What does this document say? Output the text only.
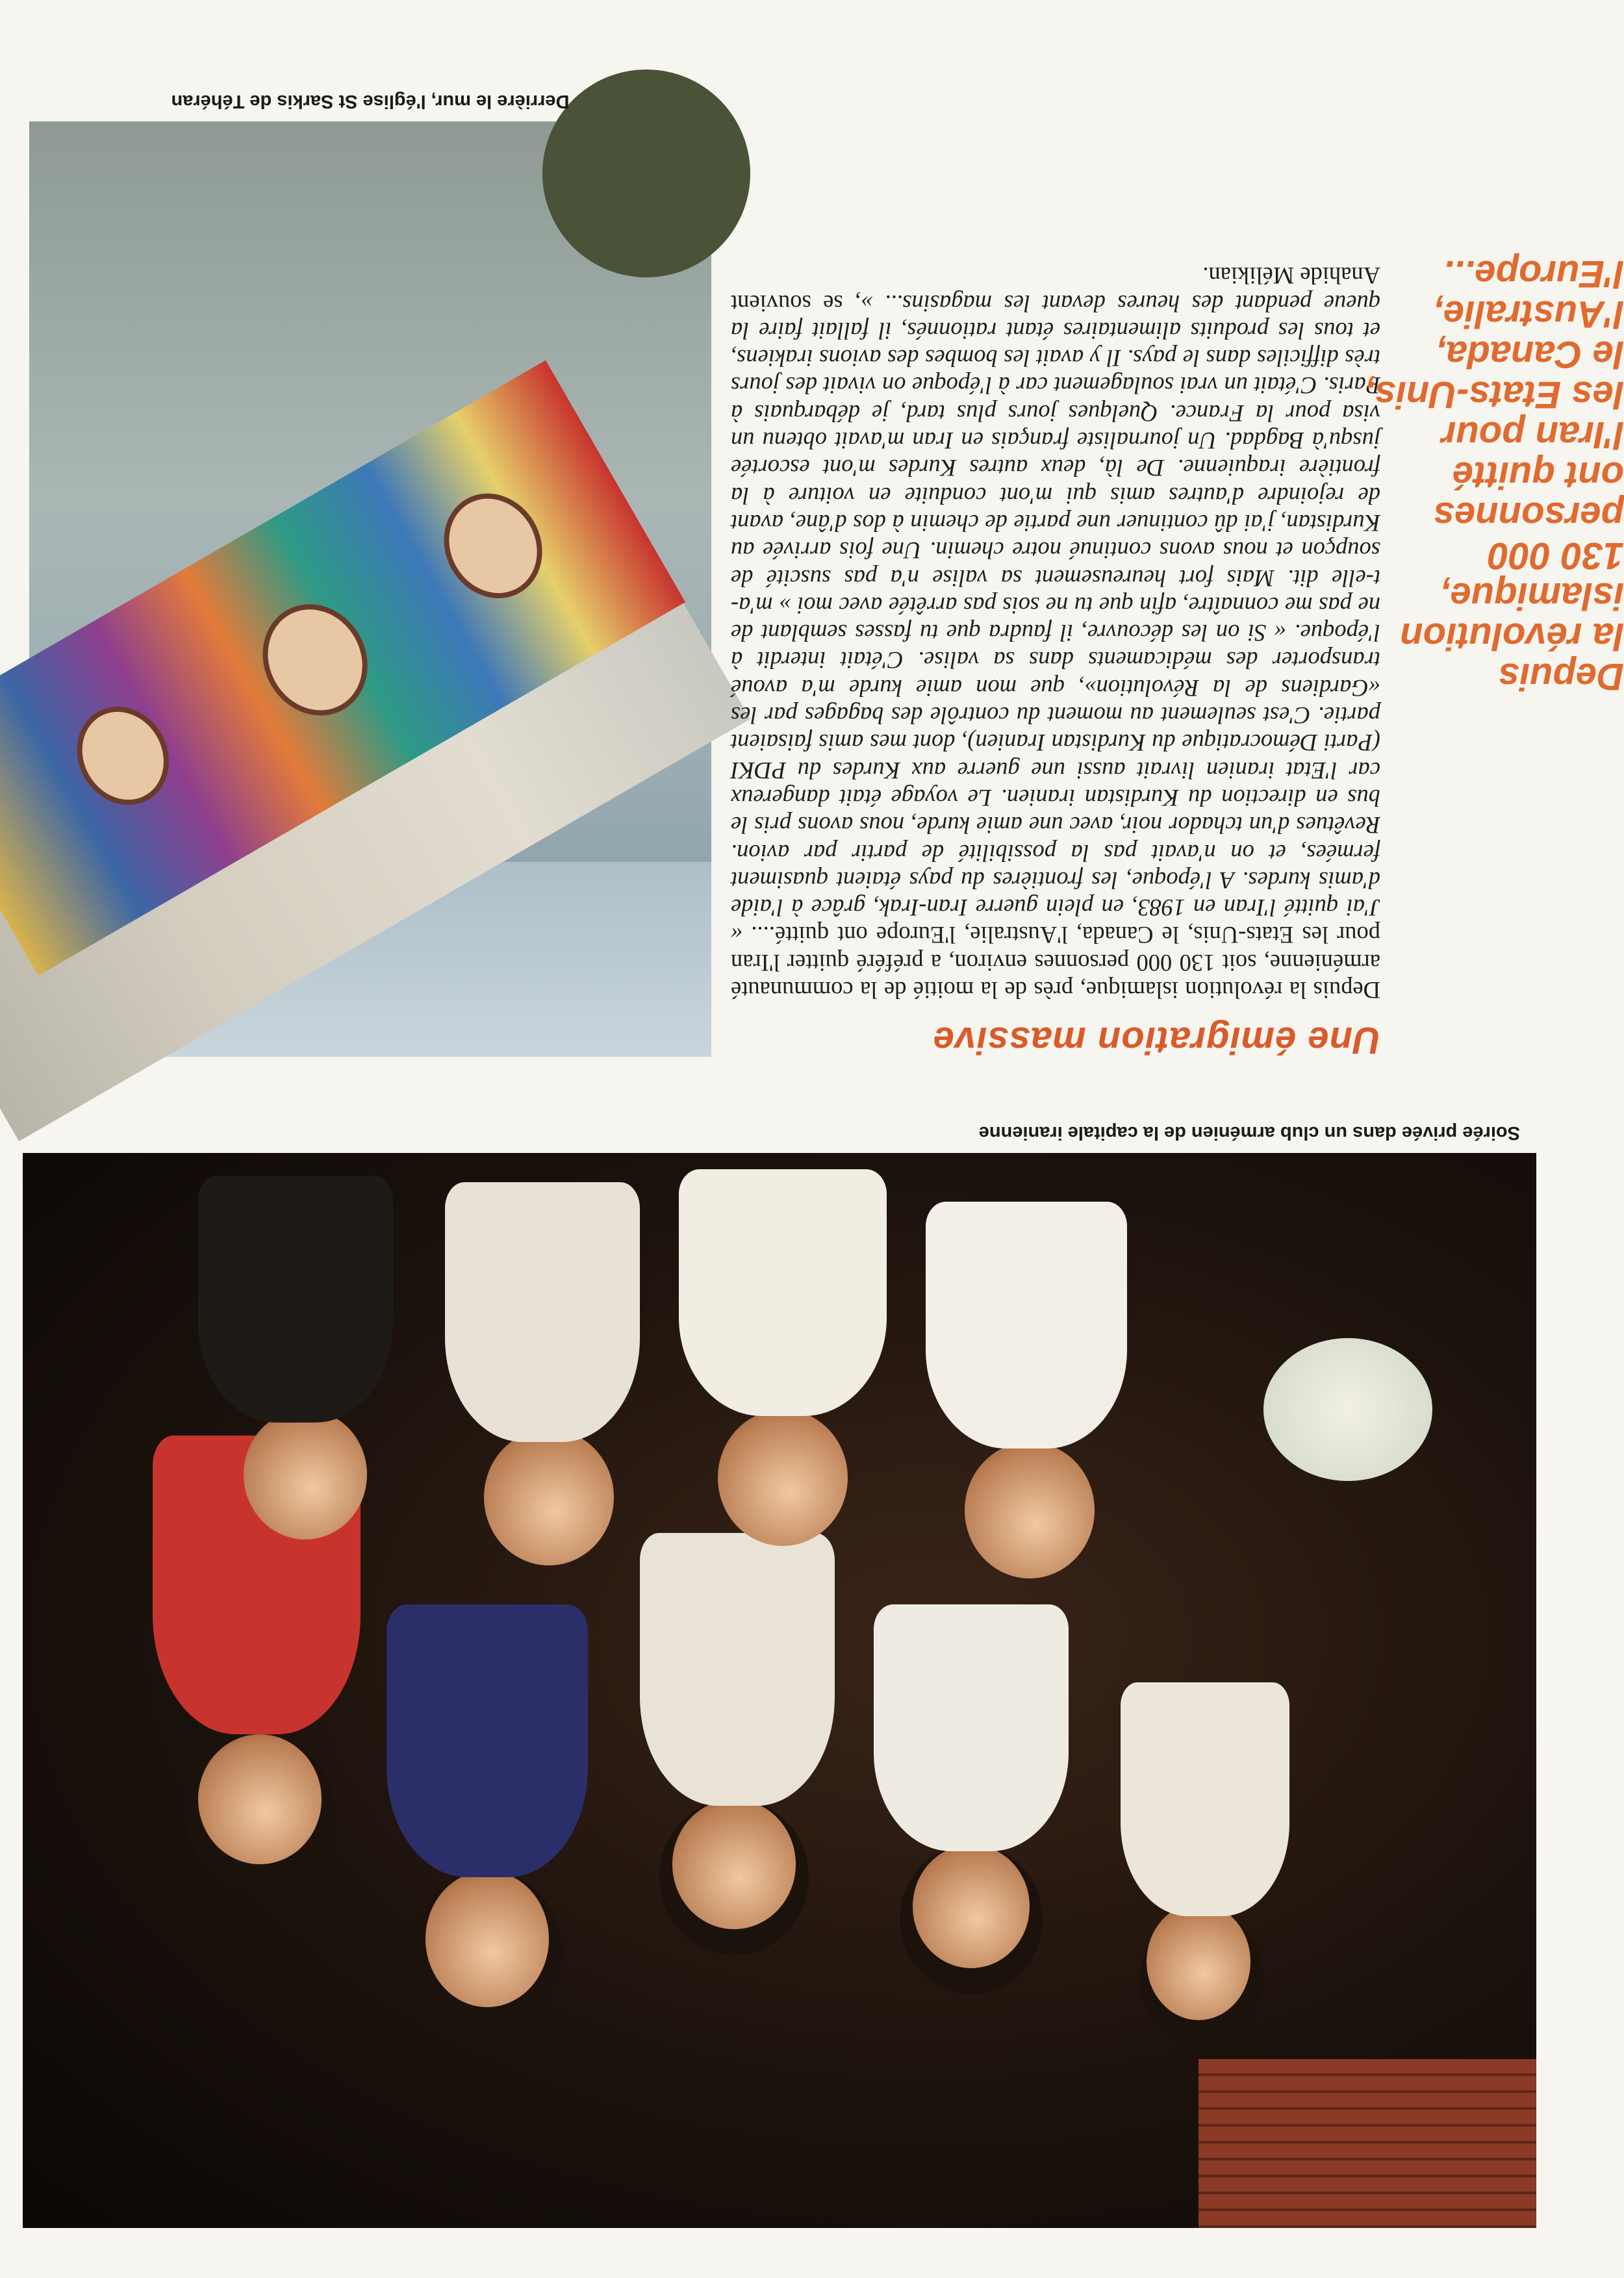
Soirée privée dans un club arménien de la capitale iranienne

Derrière le mur, l'église St Sarkis de Téhéran

Une émigration massive

Depuis la révolution islamique, près de la moitié de la communauté arménienne, soit 130 000 personnes environ, a préféré quitter l'Iran pour les Etats-Unis, le Canada, l'Australie, l'Europe ont quitté.... « J'ai quitté l'Iran en 1983, en plein guerre Iran-Irak, grâce à l'aide d'amis kurdes. A l'époque, les frontières du pays étaient quasiment fermées, et on n'avait pas la possibilité de partir par avion. Revêtues d'un tchador noir, avec une amie kurde, nous avons pris le bus en direction du Kurdistan iranien. Le voyage était dangereux car l'Etat iranien livrait aussi une guerre aux Kurdes du PDKI (Parti Démocratique du Kurdistan Iranien), dont mes amis faisaient partie. C'est seulement au moment du contrôle des bagages par les «Gardiens de la Révolution», que mon amie kurde m'a avoué transporter des médicaments dans sa valise. C'était interdit à l'époque. « Si on les découvre, il faudra que tu fasses semblant de ne pas me connaître, afin que tu ne sois pas arrêtée avec moi » m'a-t-elle dit. Mais fort heureusement sa valise n'a pas suscité de soupçon et nous avons continué notre chemin. Une fois arrivée au Kurdistan, j'ai dû continuer une partie de chemin à dos d'âne, avant de rejoindre d'autres amis qui m'ont conduite en voiture à la frontière iraquienne. De là, deux autres Kurdes m'ont escortée jusqu'à Bagdad. Un journaliste français en Iran m'avait obtenu un visa pour la France. Quelques jours plus tard, je débarquais à Paris. C'était un vrai soulagement car à l'époque on vivait des jours très difficiles dans le pays. Il y avait les bombes des avions irakiens, et tous les produits alimentaires étant rationnés, il fallait faire la queue pendant des heures devant les magasins... », se souvient Anahide Mélikian.

Depuis
la révolution
islamique,
130 000
personnes
ont quitté
l'Iran pour
les Etats-Unis,
le Canada,
l'Australie,
l'Europe...
